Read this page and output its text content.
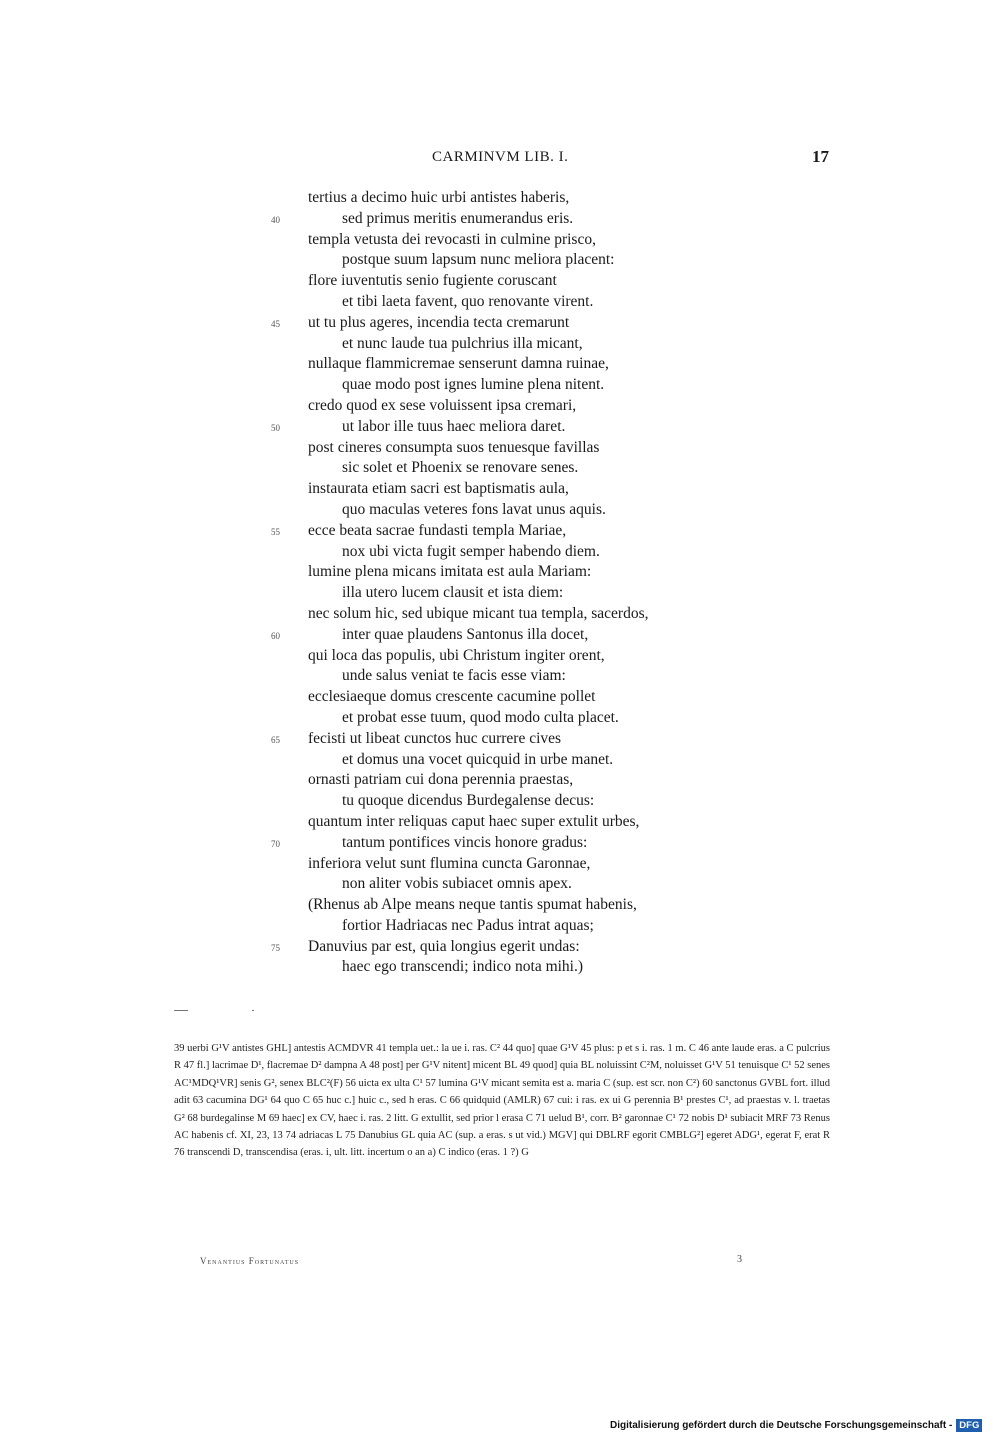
CARMINVM LIB. I.	17
tertius a decimo huic urbi antistes haberis,
40	sed primus meritis enumerandus eris.
templa vetusta dei revocasti in culmine prisco,
postque suum lapsum nunc meliora placent:
flore iuventutis senio fugiente coruscant
et tibi laeta favent, quo renovante virent.
45 ut tu plus ageres, incendia tecta cremarunt
et nunc laude tua pulchrius illa micant,
nullaque flammicremae senserunt damna ruinae,
quae modo post ignes lumine plena nitent.
credo quod ex sese voluissent ipsa cremari,
50	ut labor ille tuus haec meliora daret.
post cineres consumpta suos tenuesque favillas
sic solet et Phoenix se renovare senes.
instaurata etiam sacri est baptismatis aula,
quo maculas veteres fons lavat unus aquis.
55 ecce beata sacrae fundasti templa Mariae,
nox ubi victa fugit semper habendo diem.
lumine plena micans imitata est aula Mariam:
illa utero lucem clausit et ista diem:
nec solum hic, sed ubique micant tua templa, sacerdos,
60	inter quae plaudens Santonus illa docet,
qui loca das populis, ubi Christum ingiter orent,
unde salus veniat te facis esse viam:
ecclesiaeque domus crescente cacumine pollet
et probat esse tuum, quod modo culta placet.
65 fecisti ut libeat cunctos huc currere cives
et domus una vocet quicquid in urbe manet.
ornasti patriam cui dona perennia praestas,
tu quoque dicendus Burdegalense decus:
quantum inter reliquas caput haec super extulit urbes,
70	tantum pontifices vincis honore gradus:
inferiora velut sunt flumina cuncta Garonnae,
non aliter vobis subiacet omnis apex.
(Rhenus ab Alpe means neque tantis spumat habenis,
fortior Hadriacas nec Padus intrat aquas;
75 Danuvius par est, quia longius egerit undas:
haec ego transcendi; indico nota mihi.)

39 uerbi G¹V antistes GHL] antestis ACMDVR 41 templa uet.: la ue i. ras. C² 44 quo] quae G¹V 45 plus: p et s i. ras. 1 m. C 46 ante laude eras. a C pulcrius R 47 fl.] lacrimae D¹, flacremae D² dampna A 48 post] per G¹V nitent] micent BL 49 quod] quia BL noluissint C²M, noluisset G¹V 51 tenuisque C¹ 52 senes AC¹MDQ¹VR] senis G², senex BLC²(F) 56 uicta ex ulta C¹ 57 lumina G¹V micant semita est a. maria C (sup. est scr. non C²) 60 sanctonus GVBL fort. illud adit 63 cacumina DG¹ 64 quo C 65 huc c.] huic c., sed h eras. C 66 quidquid (AMLR) 67 cui: i ras. ex ui G perennia B¹ prestes C¹, ad praestas v. l. traetas G² 68 burdegalinse M 69 haec] ex CV, haec i. ras. 2 litt. G extullit, sed prior l erasa C 71 uelud B¹, corr. B² garonnae C¹ 72 nobis D¹ subiacit MRF 73 Renus AC habenis cf. XI, 23, 13 74 adriacas L 75 Danubius GL quia AC (sup. a eras. s ut vid.) MGV] qui DBLRF egorit CMBLG²] egeret ADG¹, egerat F, erat R 76 transcendi D, transcendisa (eras. i, ult. litt. incertum o an a) C indico (eras. 1 ?) G

Venantius Fortunatus	3
Digitalisierung gefördert durch die Deutsche Forschungsgemeinschaft - DFG
